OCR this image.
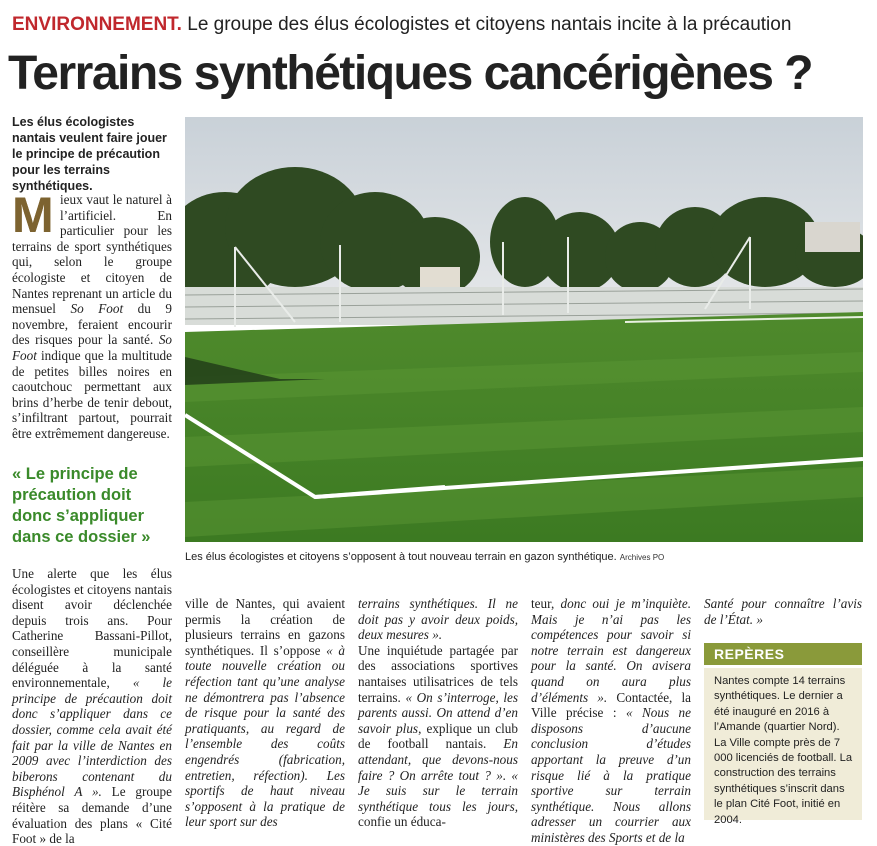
ENVIRONNEMENT. Le groupe des élus écologistes et citoyens nantais incite à la précaution
Terrains synthétiques cancérigènes ?
Les élus écologistes nantais veulent faire jouer le principe de précaution pour les terrains synthétiques.

M ieux vaut le naturel à l’artificiel. En particulier pour les terrains de sport synthétiques qui, selon le groupe écologiste et citoyen de Nantes reprenant un article du mensuel So Foot du 9 novembre, feraient encourir des risques pour la santé. So Foot indique que la multitude de petites billes noires en caoutchouc permettant aux brins d’herbe de tenir debout, s’infiltrant partout, pourrait être extrêmement dangereuse.

« Le principe de précaution doit donc s’appliquer dans ce dossier »

Une alerte que les élus écologistes et citoyens nantais disent avoir déclenchée depuis trois ans. Pour Catherine Bassani-Pillot, conseillère municipale déléguée à la santé environnementale, « le principe de précaution doit donc s’appliquer dans ce dossier, comme cela avait été fait par la ville de Nantes en 2009 avec l’interdiction des biberons contenant du Bisphénol A ». Le groupe réitère sa demande d’une évaluation des plans « Cité Foot » de la

Les élus écologistes et citoyens s’opposent à tout nouveau terrain en gazon synthétique. Archives PO

ville de Nantes, qui avaient permis la création de plusieurs terrains en gazons synthétiques. Il s’oppose « à toute nouvelle création ou réfection tant qu’une analyse ne démontrera pas l’absence de risque pour la santé des pratiquants, au regard de l’ensemble des coûts engendrés (fabrication, entretien, réfection). Les sportifs de haut niveau s’opposent à la pratique de leur sport sur des

terrains synthétiques. Il ne doit pas y avoir deux poids, deux mesures ».
Une inquiétude partagée par des associations sportives nantaises utilisatrices de tels terrains. « On s’interroge, les parents aussi. On attend d’en savoir plus, explique un club de football nantais. En attendant, que devons-nous faire ? On arrête tout ? ». « Je suis sur le terrain synthétique tous les jours, confie un éduca-

teur, donc oui je m’inquiète. Mais je n’ai pas les compétences pour savoir si notre terrain est dangereux pour la santé. On avisera quand on aura plus d’éléments ». Contactée, la Ville précise : « Nous ne disposons d’aucune conclusion d’études apportant la preuve d’un risque lié à la pratique sportive sur terrain synthétique. Nous allons adresser un courrier aux ministères des Sports et de la

Santé pour connaître l’avis de l’État. »

REPÈRES
Nantes compte 14 terrains synthétiques. Le dernier a été inauguré en 2016 à l’Amande (quartier Nord). La Ville compte près de 7 000 licenciés de football. La construction des terrains synthétiques s’inscrit dans le plan Cité Foot, initié en 2004.
